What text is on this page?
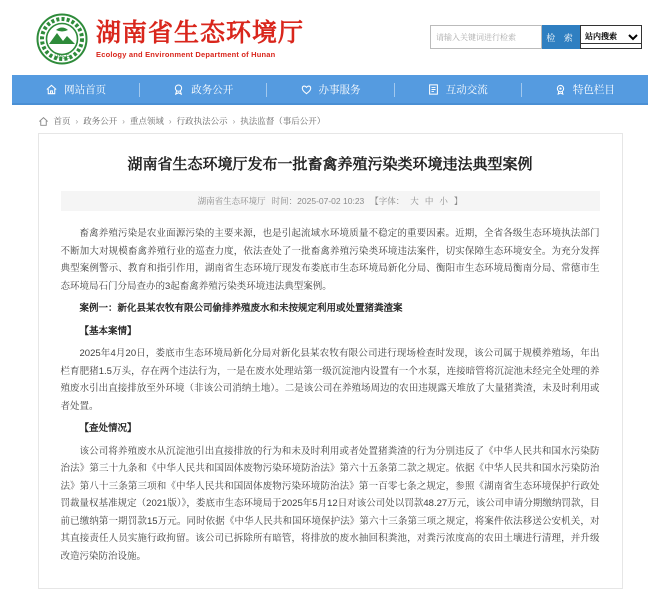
HNEE
湖南省生态环境厅
Ecology and Environment Department of Hunan
请输入关键词进行检索
检 索
站内搜索
网站首页	政务公开	办事服务	互动交流	特色栏目
首页 › 政务公开 › 重点领域 › 行政执法公示 › 执法监督（事后公开）
湖南省生态环境厅发布一批畜禽养殖污染类环境违法典型案例
湖南省生态环境厅 时间：2025-07-02 10:23 【字体： 大 中 小 】

畜禽养殖污染是农业面源污染的主要来源，也是引起流域水环境质量不稳定的重要因素。近期，全省各级生态环境执法部门不断加大对规模畜禽养殖行业的巡查力度，依法查处了一批畜禽养殖污染类环境违法案件，切实保障生态环境安全。为充分发挥典型案例警示、教育和指引作用，湖南省生态环境厅现发布娄底市生态环境局新化分局、衡阳市生态环境局衡南分局、常德市生态环境局石门分局查办的3起畜禽养殖污染类环境违法典型案例。

案例一：新化县某农牧有限公司偷排养殖废水和未按规定利用或处置猪粪渣案

【基本案情】

2025年4月20日，娄底市生态环境局新化分局对新化县某农牧有限公司进行现场检查时发现，该公司属于规模养殖场，年出栏育肥猪1.5万头，存在两个违法行为，一是在废水处理站第一级沉淀池内设置有一个水泵，连接暗管将沉淀池未经完全处理的养殖废水引出直接排放至外环境（非该公司消纳土地）。二是该公司在养殖场周边的农田违规露天堆放了大量猪粪渣，未及时利用或者处置。

【查处情况】

该公司将养殖废水从沉淀池引出直接排放的行为和未及时利用或者处置猪粪渣的行为分别违反了《中华人民共和国水污染防治法》第三十九条和《中华人民共和国固体废物污染环境防治法》第六十五条第二款之规定。依据《中华人民共和国水污染防治法》第八十三条第三项和《中华人民共和国固体废物污染环境防治法》第一百零七条之规定，参照《湖南省生态环境保护行政处罚裁量权基准规定（2021版）》，娄底市生态环境局于2025年5月12日对该公司处以罚款48.27万元，该公司申请分期缴纳罚款，目前已缴纳第一期罚款15万元。同时依据《中华人民共和国环境保护法》第六十三条第三项之规定，将案件依法移送公安机关，对其直接责任人员实施行政拘留。该公司已拆除所有暗管，将排放的废水抽回积粪池，对粪污浓度高的农田土壤进行清理，并升级改造污染防治设施。
